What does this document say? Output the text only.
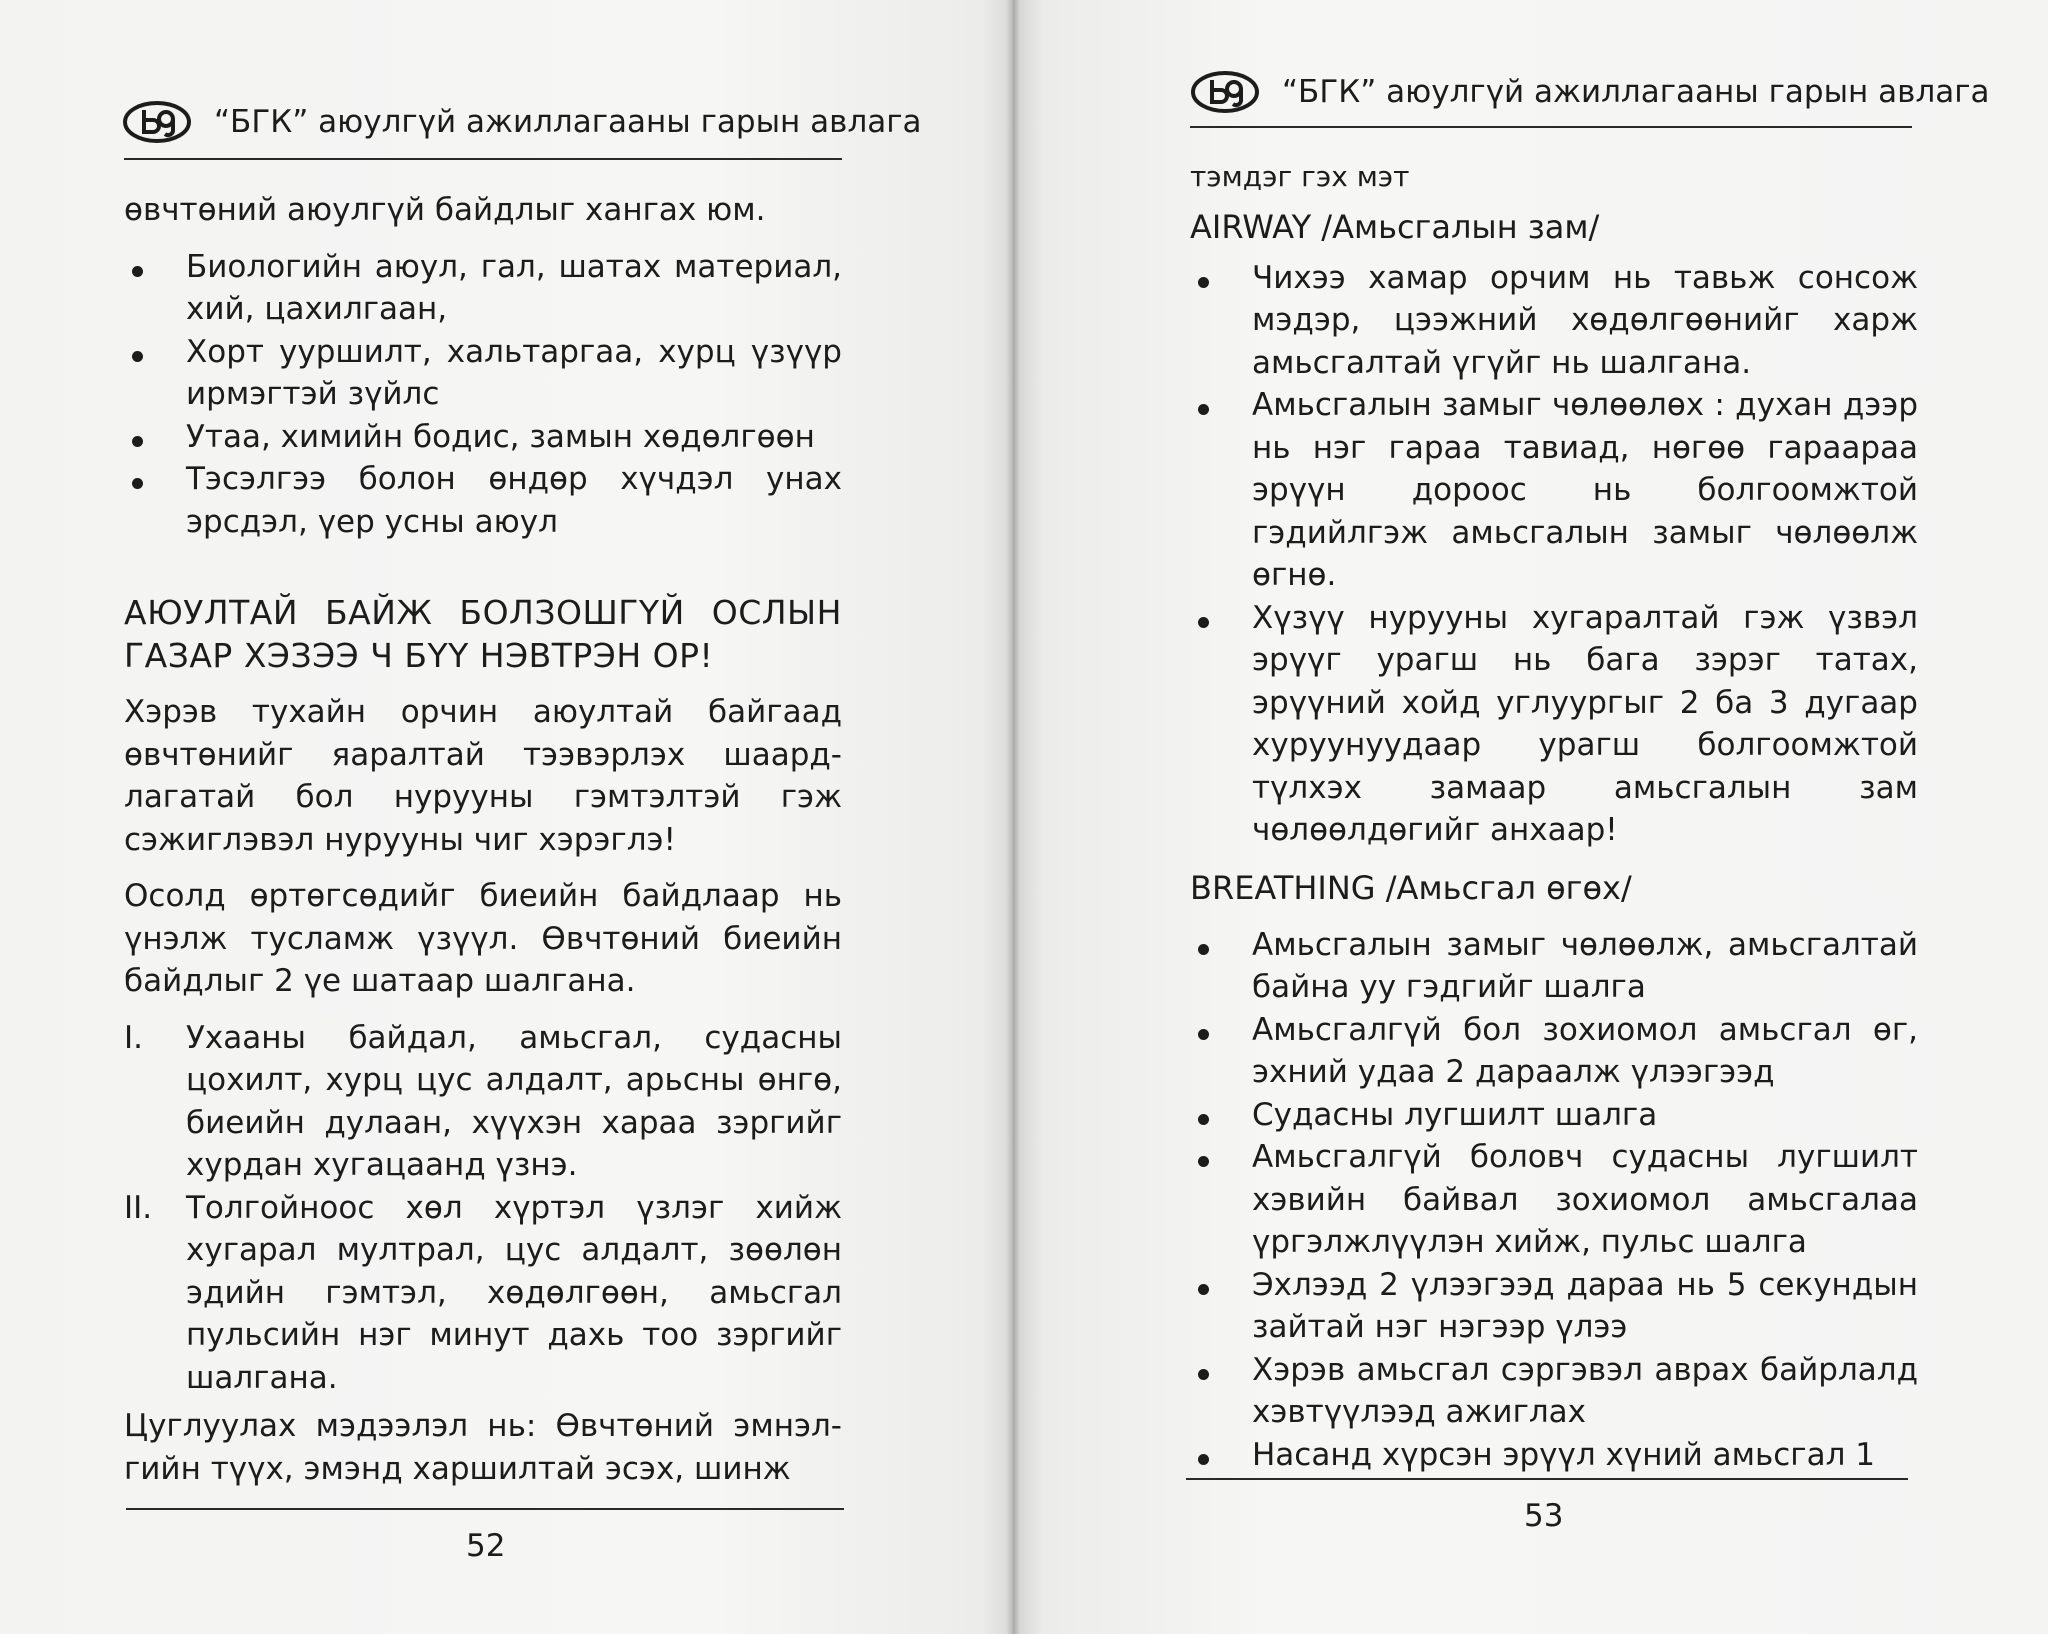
“БГК” аюулгүй ажиллагааны гарын авлага

өвчтөний аюулгүй байдлыг хангах юм.

Биологийн аюул, гал, шатах материал, хий, цахилгаан,
Хорт ууршилт, хальтаргаа, хурц үзүүр ирмэгтэй зүйлс
Утаа, химийн бодис, замын хөдөлгөөн
Тэсэлгээ болон өндөр хүчдэл унах эрсдэл, үер усны аюул

АЮУЛТАЙ БАЙЖ БОЛЗОШГҮЙ ОСЛЫН ГАЗАР ХЭЗЭЭ Ч БҮҮ НЭВТРЭН ОР!

Хэрэв тухайн орчин аюултай байгаад өвчтөнийг яаралтай тээвэрлэх шаард-лагатай бол нурууны гэмтэлтэй гэж сэжиглэвэл нурууны чиг хэрэглэ!

Осолд өртөгсөдийг биеийн байдлаар нь үнэлж тусламж үзүүл. Өвчтөний биеийн байдлыг 2 үе шатаар шалгана.

I. Ухааны байдал, амьсгал, судасны цохилт, хурц цус алдалт, арьсны өнгө, биеийн дулаан, хүүхэн хараа зэргийг хурдан хугацаанд үзнэ.
II. Толгойноос хөл хүртэл үзлэг хийж хугарал мултрал, цус алдалт, зөөлөн эдийн гэмтэл, хөдөлгөөн, амьсгал пульсийн нэг минут дахь тоо зэргийг шалгана.

Цуглуулах мэдээлэл нь: Өвчтөний эмнэл-гийн түүх, эмэнд харшилтай эсэх, шинж

52
“БГК” аюулгүй ажиллагааны гарын авлага

тэмдэг гэх мэт

AIRWAY /Амьсгалын зам/

Чихээ хамар орчим нь тавьж сонсож мэдэр, цээжний хөдөлгөөнийг харж амьсгалтай үгүйг нь шалгана.
Амьсгалын замыг чөлөөлөх : духан дээр нь нэг гараа тавиад, нөгөө гараараа эрүүн дороос нь болгоомжтой гэдийлгэж амьсгалын замыг чөлөөлж өгнө.
Хүзүү нурууны хугаралтай гэж үзвэл эрүүг урагш нь бага зэрэг татах, эрүүний хойд углуургыг 2 ба 3 дугаар хуруунуудаар урагш болгоомжтой түлхэх замаар амьсгалын зам чөлөөлдөгийг анхаар!

BREATHING /Амьсгал өгөх/

Амьсгалын замыг чөлөөлж, амьсгалтай байна уу гэдгийг шалга
Амьсгалгүй бол зохиомол амьсгал өг, эхний удаа 2 дараалж үлээгээд
Судасны лугшилт шалга
Амьсгалгүй боловч судасны лугшилт хэвийн байвал зохиомол амьсгалаа үргэлжлүүлэн хийж, пульс шалга
Эхлээд 2 үлээгээд дараа нь 5 секундын зайтай нэг нэгээр үлээ
Хэрэв амьсгал сэргэвэл аврах байрлалд хэвтүүлээд ажиглах
Насанд хүрсэн эрүүл хүний амьсгал 1
53
